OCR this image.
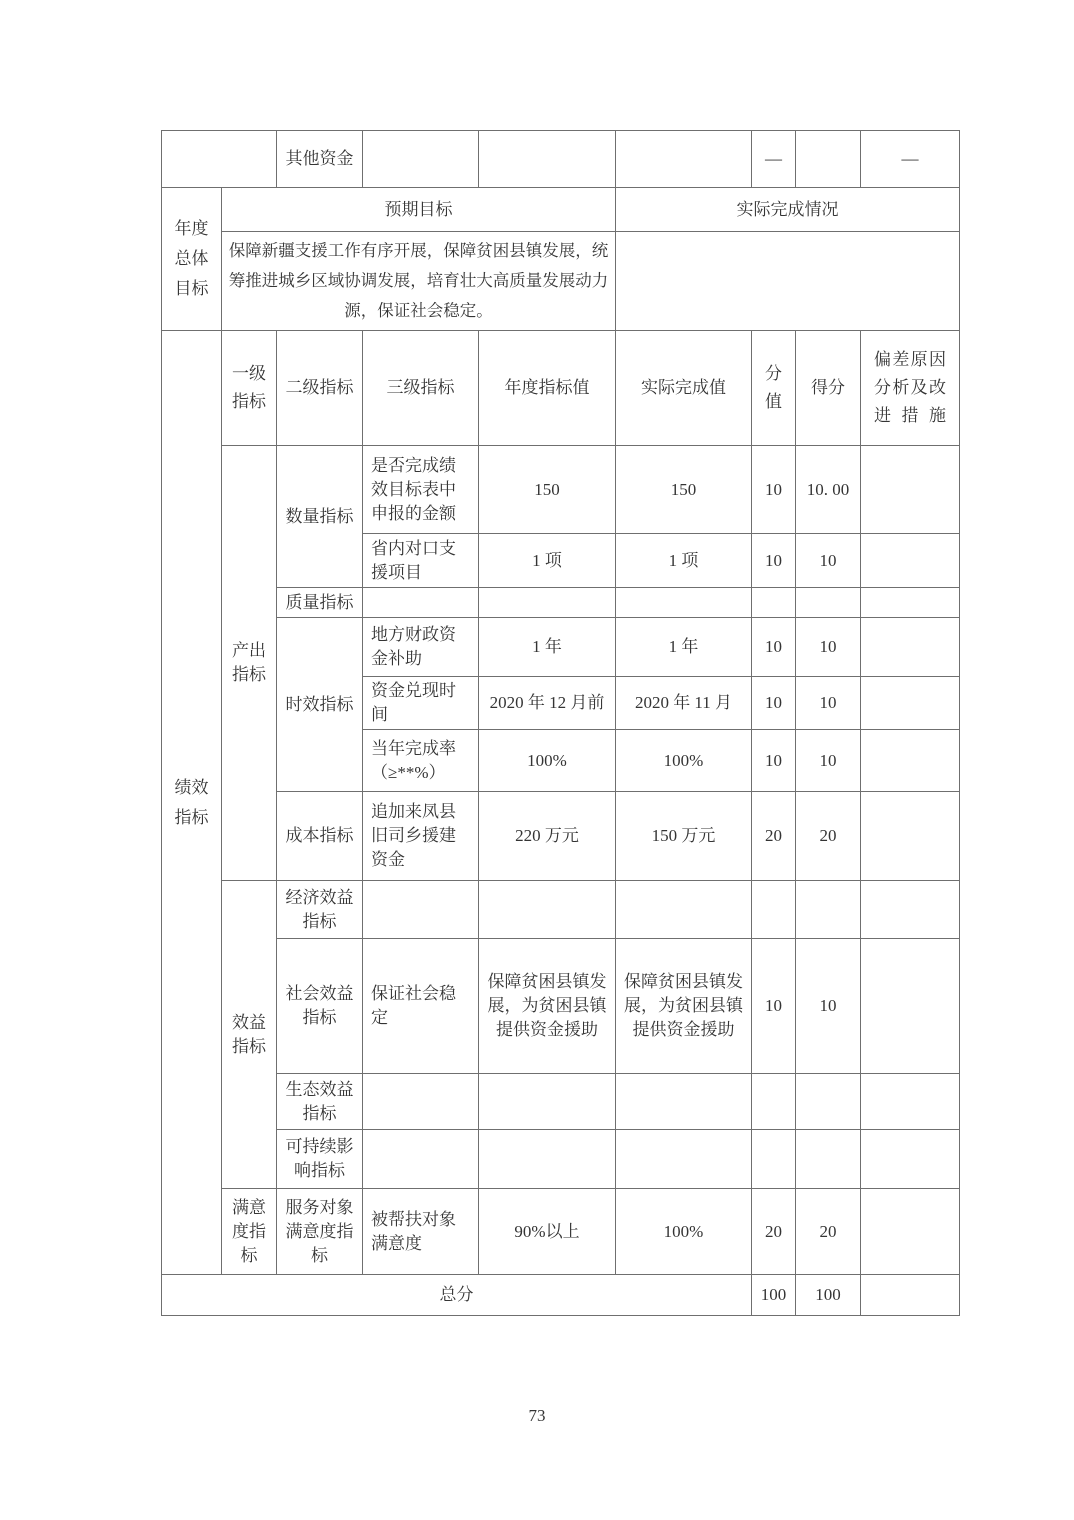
		其他资金				—		—
年度总体目标	预期目标				实际完成情况			
	保障新疆支援工作有序开展，保障贫困县镇发展，统筹推进城乡区域协调发展，培育壮大高质量发展动力源，保证社会稳定。							
绩效指标	一级指标	二级指标	三级指标	年度指标值	实际完成值	分值	得分	偏差原因分析及改进措施
	产出指标	数量指标	是否完成绩效目标表中申报的金额	150	150	10	10. 00	
			省内对口支援项目	1 项	1 项	10	10	
		质量指标						
		时效指标	地方财政资金补助	1 年	1 年	10	10	
			资金兑现时间	2020 年 12 月前	2020 年 11 月	10	10	
			当年完成率（≥**%）	100%	100%	10	10	
		成本指标	追加来凤县旧司乡援建资金	220 万元	150 万元	20	20	
	效益指标	经济效益指标						
		社会效益指标	保证社会稳定	保障贫困县镇发展，为贫困县镇提供资金援助	保障贫困县镇发展，为贫困县镇提供资金援助	10	10	
		生态效益指标						
		可持续影响指标						
	满意度指标	服务对象满意度指标	被帮扶对象满意度	90%以上	100%	20	20	
总分						100	100	
73
